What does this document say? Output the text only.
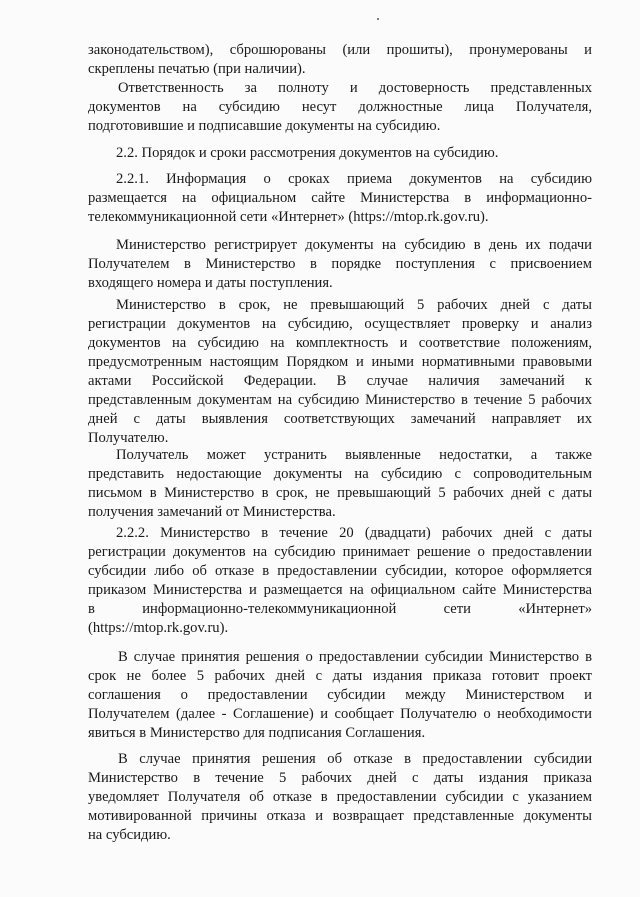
законодательством), сброшюрованы (или прошиты), пронумерованы и
скреплены печатью (при наличии).
Ответственность за полноту и достоверность представленных
документов на субсидию несут должностные лица Получателя,
подготовившие и подписавшие документы на субсидию.
2.2. Порядок и сроки рассмотрения документов на субсидию.
2.2.1. Информация о сроках приема документов на субсидию
размещается на официальном сайте Министерства в информационно-
телекоммуникационной сети «Интернет» (https://mtop.rk.gov.ru).
Министерство регистрирует документы на субсидию в день их подачи
Получателем в Министерство в порядке поступления с присвоением
входящего номера и даты поступления.
Министерство в срок, не превышающий 5 рабочих дней с даты
регистрации документов на субсидию, осуществляет проверку и анализ
документов на субсидию на комплектность и соответствие положениям,
предусмотренным настоящим Порядком и иными нормативными правовыми
актами Российской Федерации. В случае наличия замечаний к
представленным документам на субсидию Министерство в течение 5 рабочих
дней с даты выявления соответствующих замечаний направляет их
Получателю.
Получатель может устранить выявленные недостатки, а также
представить недостающие документы на субсидию с сопроводительным
письмом в Министерство в срок, не превышающий 5 рабочих дней с даты
получения замечаний от Министерства.
2.2.2. Министерство в течение 20 (двадцати) рабочих дней с даты
регистрации документов на субсидию принимает решение о предоставлении
субсидии либо об отказе в предоставлении субсидии, которое оформляется
приказом Министерства и размещается на официальном сайте Министерства
в информационно-телекоммуникационной сети «Интернет»
(https://mtop.rk.gov.ru).
В случае принятия решения о предоставлении субсидии Министерство в
срок не более 5 рабочих дней с даты издания приказа готовит проект
соглашения о предоставлении субсидии между Министерством и
Получателем (далее - Соглашение) и сообщает Получателю о необходимости
явиться в Министерство для подписания Соглашения.
В случае принятия решения об отказе в предоставлении субсидии
Министерство в течение 5 рабочих дней с даты издания приказа
уведомляет Получателя об отказе в предоставлении субсидии с указанием
мотивированной причины отказа и возвращает представленные документы
на субсидию.
